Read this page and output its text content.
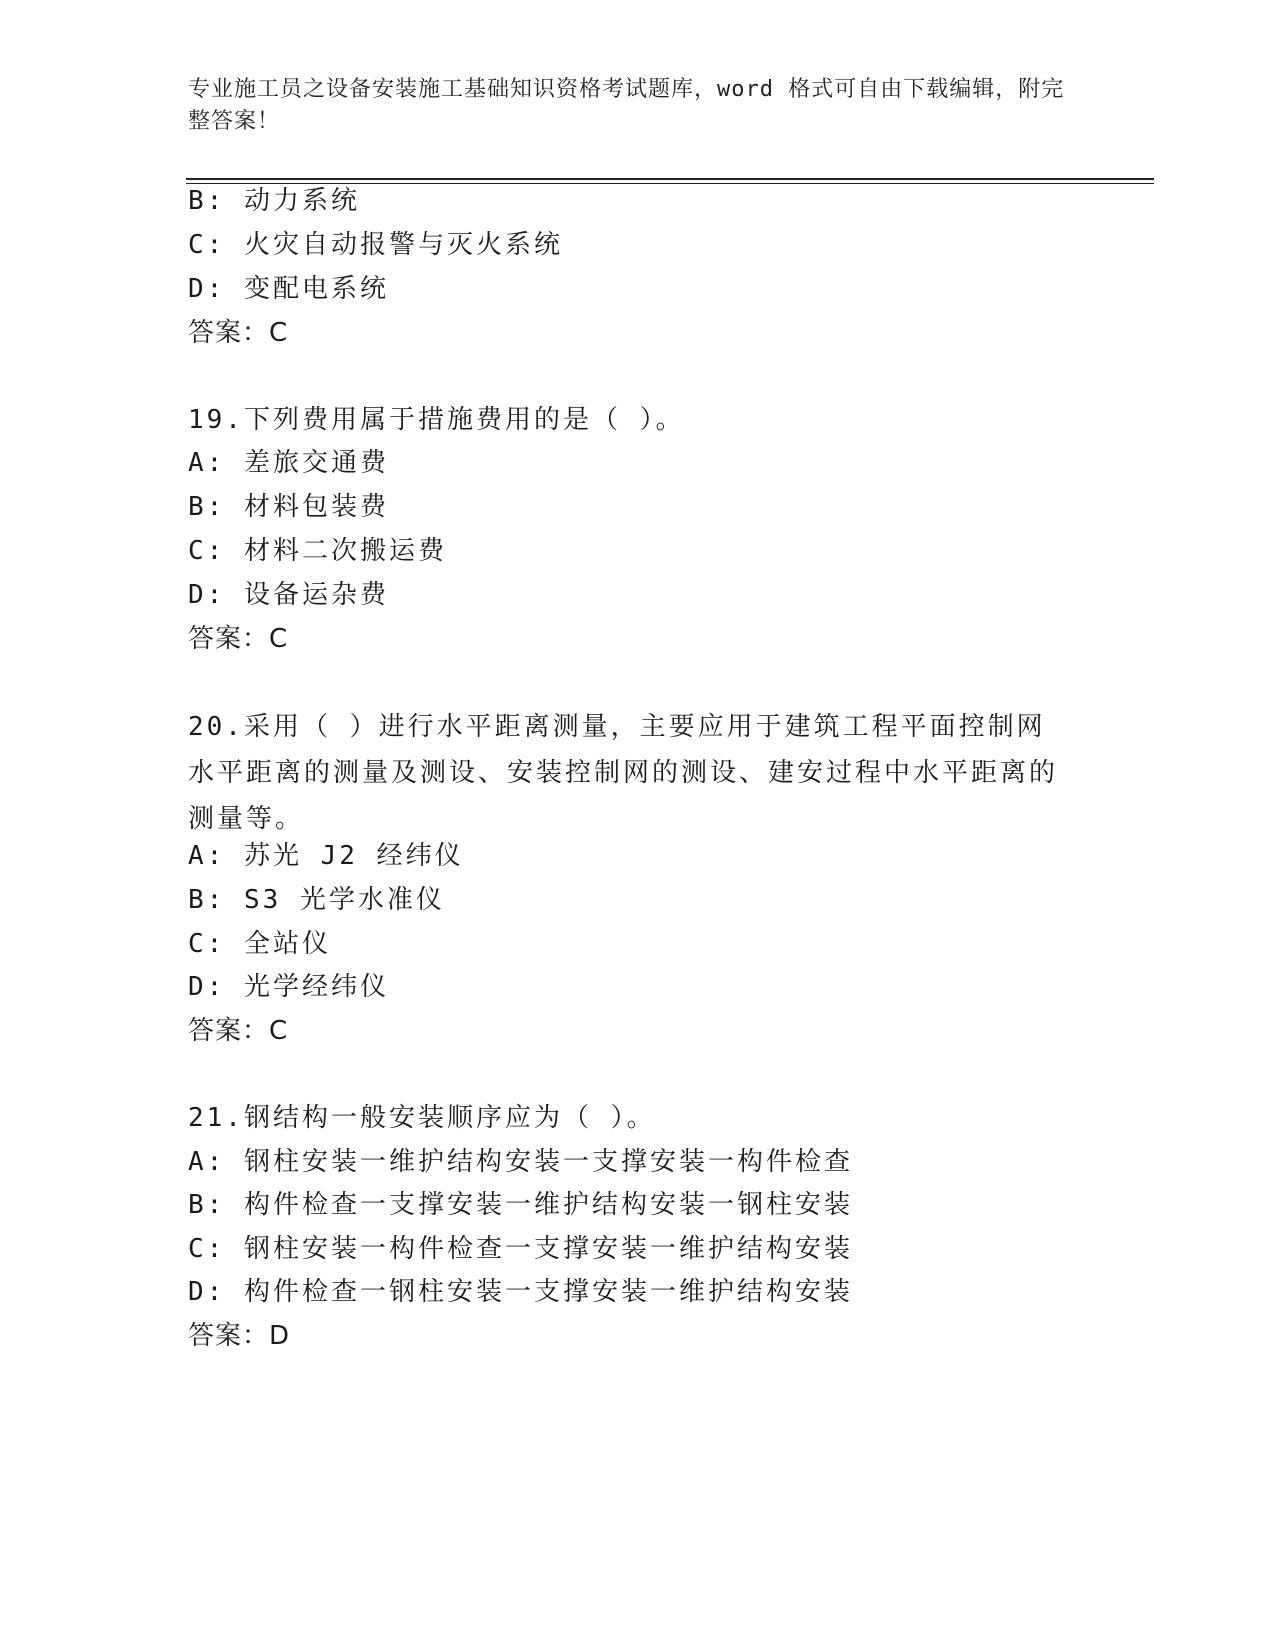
专业施工员之设备安装施工基础知识资格考试题库，word 格式可自由下载编辑，附完整答案！
B: 动力系统
C: 火灾自动报警与灭火系统
D: 变配电系统
答案：C
19.下列费用属于措施费用的是（ ）。
A: 差旅交通费
B: 材料包装费
C: 材料二次搬运费
D: 设备运杂费
答案：C
20.采用（ ）进行水平距离测量，主要应用于建筑工程平面控制网水平距离的测量及测设、安装控制网的测设、建安过程中水平距离的测量等。
A: 苏光 J2 经纬仪
B: S3 光学水准仪
C: 全站仪
D: 光学经纬仪
答案：C
21.钢结构一般安装顺序应为（ ）。
A: 钢柱安装一维护结构安装一支撑安装一构件检查
B: 构件检查一支撑安装一维护结构安装一钢柱安装
C: 钢柱安装一构件检查一支撑安装一维护结构安装
D: 构件检查一钢柱安装一支撑安装一维护结构安装
答案：D
